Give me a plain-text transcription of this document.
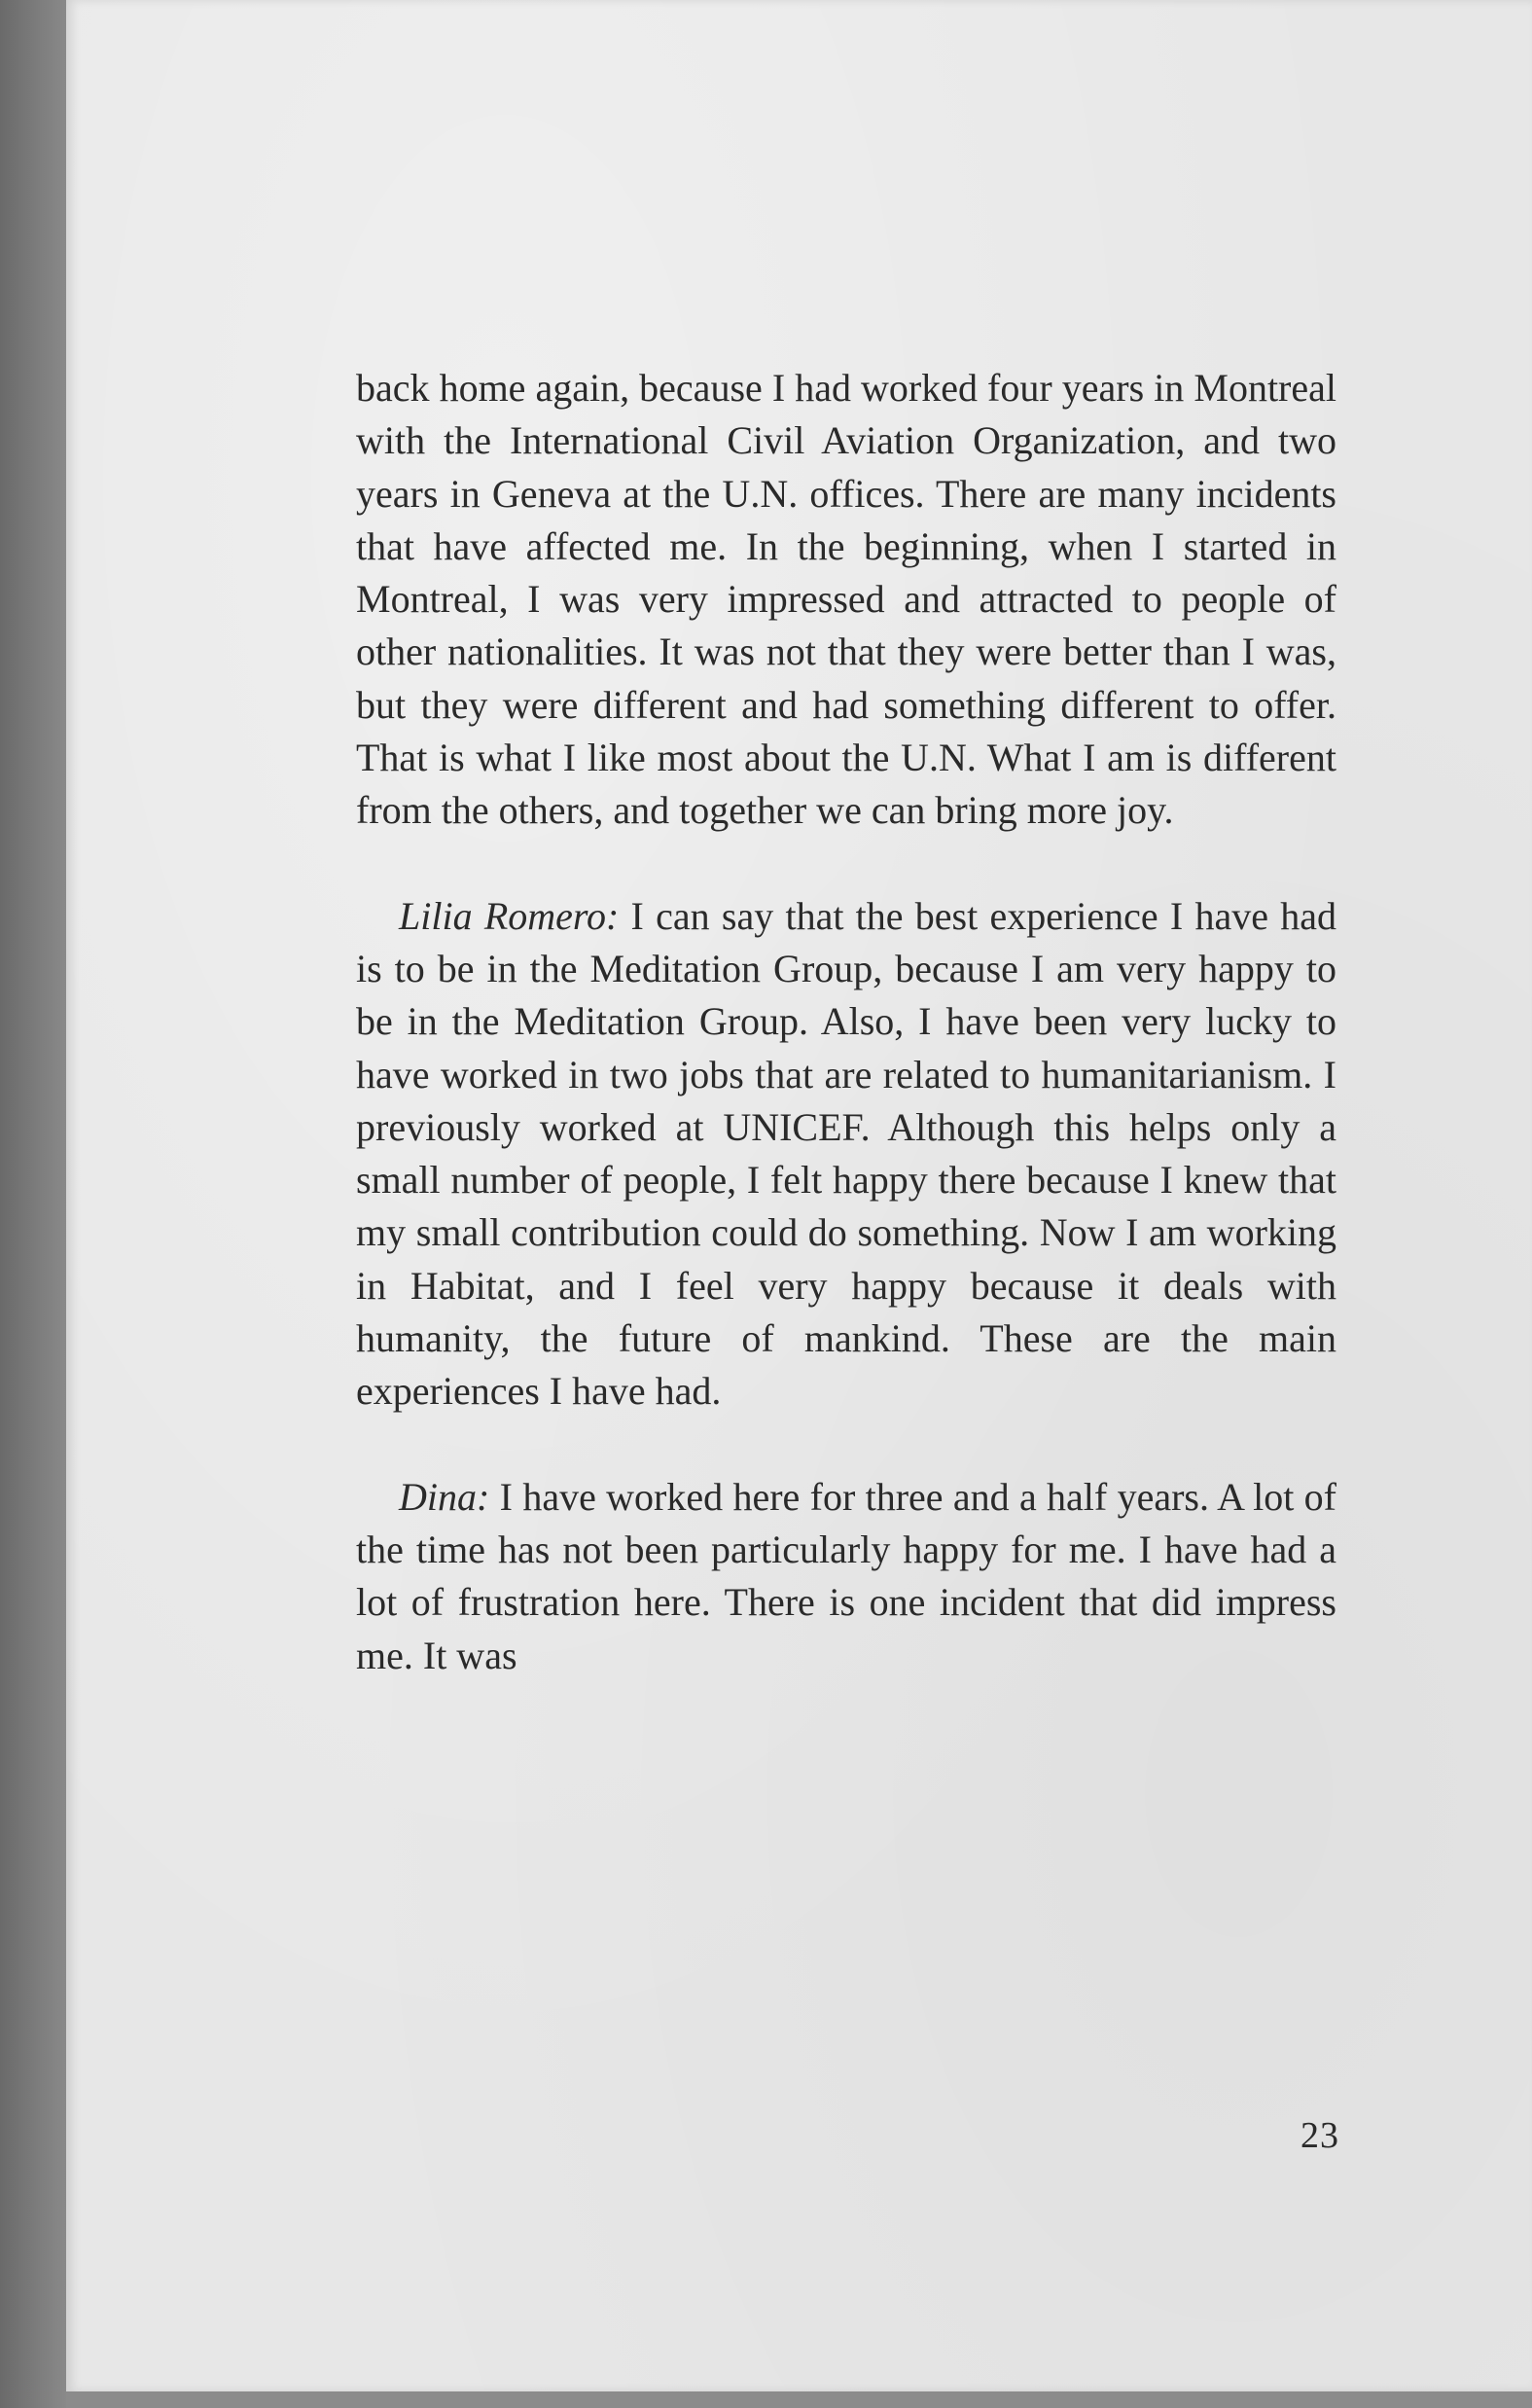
back home again, because I had worked four years in Montreal with the International Civil Aviation Organization, and two years in Geneva at the U.N. offices. There are many incidents that have affected me. In the beginning, when I started in Montreal, I was very impressed and attracted to people of other nationalities. It was not that they were better than I was, but they were different and had something different to offer. That is what I like most about the U.N. What I am is different from the others, and together we can bring more joy.

Lilia Romero: I can say that the best experience I have had is to be in the Meditation Group, because I am very happy to be in the Meditation Group. Also, I have been very lucky to have worked in two jobs that are related to humanitarianism. I previously worked at UNICEF. Although this helps only a small number of people, I felt happy there because I knew that my small contribution could do something. Now I am working in Habitat, and I feel very happy because it deals with humanity, the future of mankind. These are the main experiences I have had.

Dina: I have worked here for three and a half years. A lot of the time has not been particularly happy for me. I have had a lot of frustration here. There is one incident that did impress me. It was

23
